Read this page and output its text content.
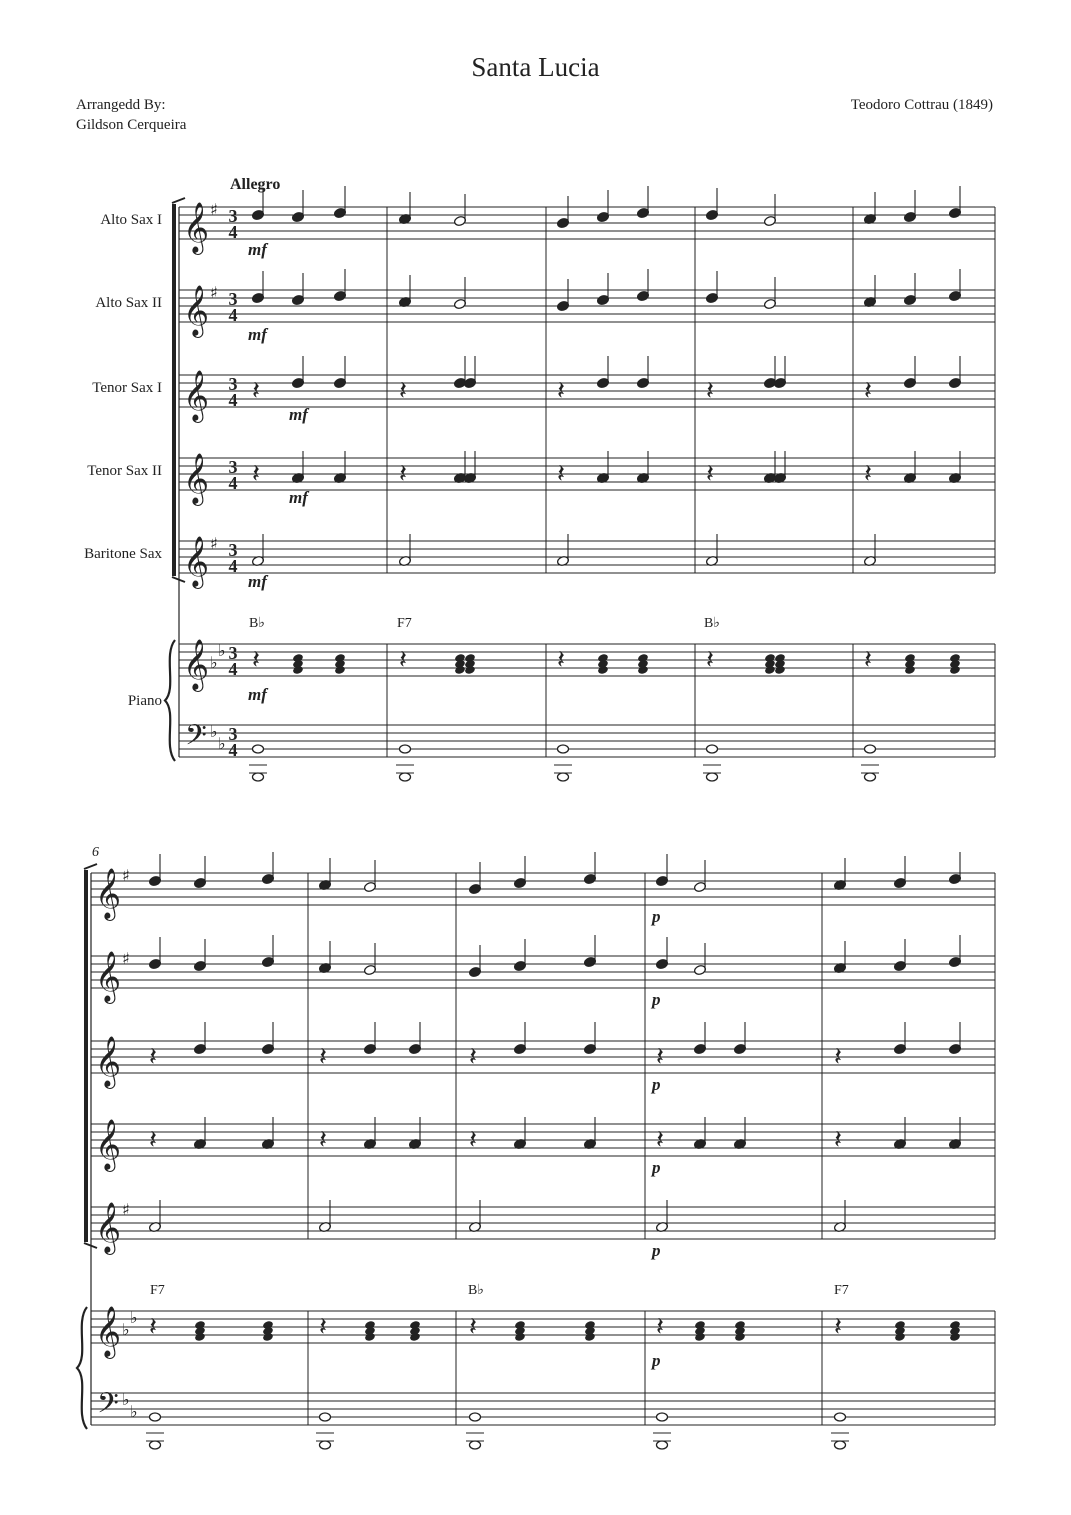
Santa Lucia
Arrangedd By:
Gildson Cerqueira
Teodoro Cottrau (1849)
Alto Sax I
Alto Sax II
Tenor Sax I
Tenor Sax II
Baritone Sax
Piano
𝄞 ♯
𝄞 ♯
𝄞
𝄞
𝄞 ♯
𝄞 ♭
♭
𝄢 ♭
♭
3
4
3
4
3
4
3
4
3
4
3
4
3
4
𝄞 ♯
𝄞 ♯
𝄞
𝄞
𝄞 ♯
𝄞 ♭
♭
𝄢 ♭
♭
Allegro
6
B♭	F7	B♭
F7	B♭	F7
mf
mf
mf
mf
mf
mf
p
p
p
p
p
p
𝄽	𝄽	𝄽	𝄽	𝄽
𝄽	𝄽	𝄽	𝄽	𝄽
𝄽	𝄽	𝄽	𝄽	𝄽
𝄽	𝄽	𝄽	𝄽	𝄽
𝄽	𝄽	𝄽	𝄽	𝄽
𝄽	𝄽	𝄽	𝄽	𝄽
